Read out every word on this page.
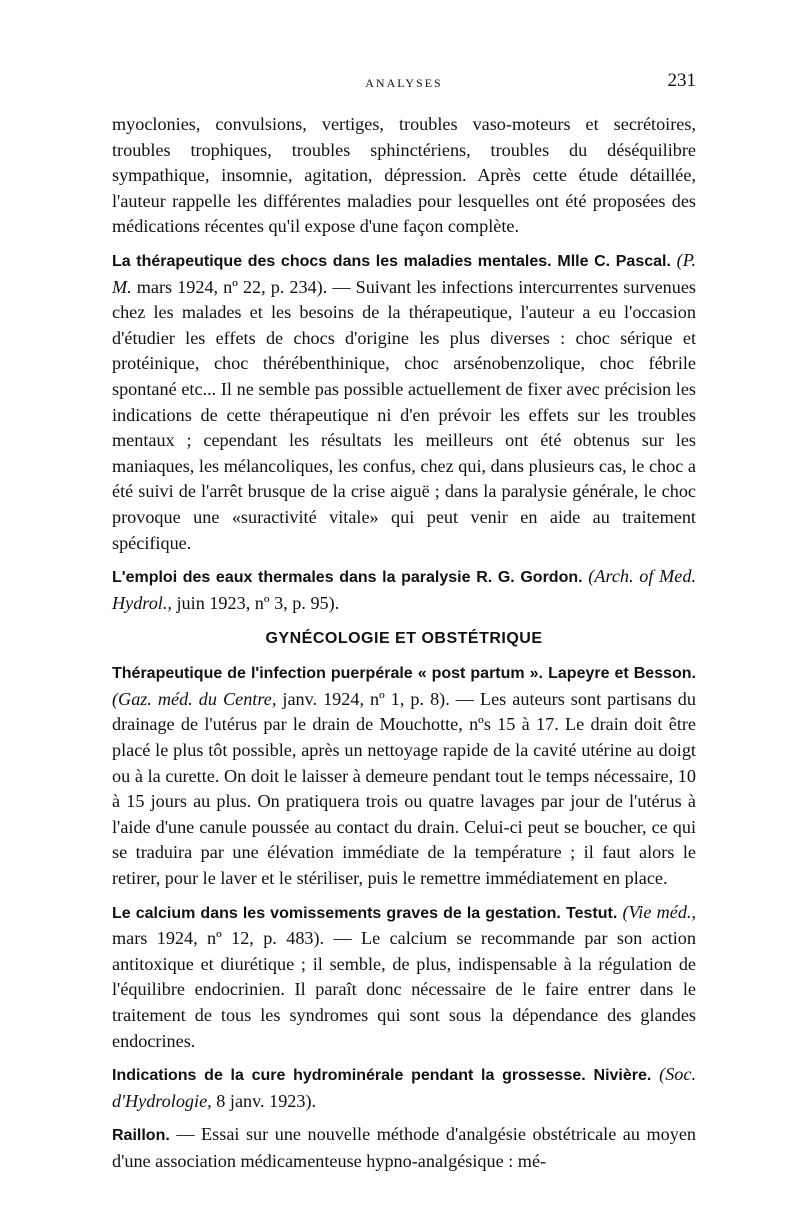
ANALYSES	231

myoclonies, convulsions, vertiges, troubles vaso-moteurs et secrétoires, troubles trophiques, troubles sphinctériens, troubles du déséquilibre sympathique, insomnie, agitation, dépression. Après cette étude détaillée, l'auteur rappelle les différentes maladies pour lesquelles ont été proposées des médications récentes qu'il expose d'une façon complète.

La thérapeutique des chocs dans les maladies mentales. Mlle C. Pascal. (P. M. mars 1924, nº 22, p. 234). — Suivant les infections intercurrentes survenues chez les malades et les besoins de la thérapeutique, l'auteur a eu l'occasion d'étudier les effets de chocs d'origine les plus diverses : choc sérique et protéinique, choc thérébenthinique, choc arsénobenzolique, choc fébrile spontané etc... Il ne semble pas possible actuellement de fixer avec précision les indications de cette thérapeutique ni d'en prévoir les effets sur les troubles mentaux ; cependant les résultats les meilleurs ont été obtenus sur les maniaques, les mélancoliques, les confus, chez qui, dans plusieurs cas, le choc a été suivi de l'arrêt brusque de la crise aiguë ; dans la paralysie générale, le choc provoque une «suractivité vitale» qui peut venir en aide au traitement spécifique.

L'emploi des eaux thermales dans la paralysie R. G. Gordon. (Arch. of Med. Hydrol., juin 1923, nº 3, p. 95).

GYNÉCOLOGIE ET OBSTÉTRIQUE

Thérapeutique de l'infection puerpérale « post partum ». Lapeyre et Besson. (Gaz. méd. du Centre, janv. 1924, nº 1, p. 8). — Les auteurs sont partisans du drainage de l'utérus par le drain de Mouchotte, nºs 15 à 17. Le drain doit être placé le plus tôt possible, après un nettoyage rapide de la cavité utérine au doigt ou à la curette. On doit le laisser à demeure pendant tout le temps nécessaire, 10 à 15 jours au plus. On pratiquera trois ou quatre lavages par jour de l'utérus à l'aide d'une canule poussée au contact du drain. Celui-ci peut se boucher, ce qui se traduira par une élévation immédiate de la température ; il faut alors le retirer, pour le laver et le stériliser, puis le remettre immédiatement en place.

Le calcium dans les vomissements graves de la gestation. Testut. (Vie méd., mars 1924, nº 12, p. 483). — Le calcium se recommande par son action antitoxique et diurétique ; il semble, de plus, indispensable à la régulation de l'équilibre endocrinien. Il paraît donc nécessaire de le faire entrer dans le traitement de tous les syndromes qui sont sous la dépendance des glandes endocrines.

Indications de la cure hydrominérale pendant la grossesse. Nivière. (Soc. d'Hydrologie, 8 janv. 1923).

Raillon. — Essai sur une nouvelle méthode d'analgésie obstétricale au moyen d'une association médicamenteuse hypno-analgésique : mé-
